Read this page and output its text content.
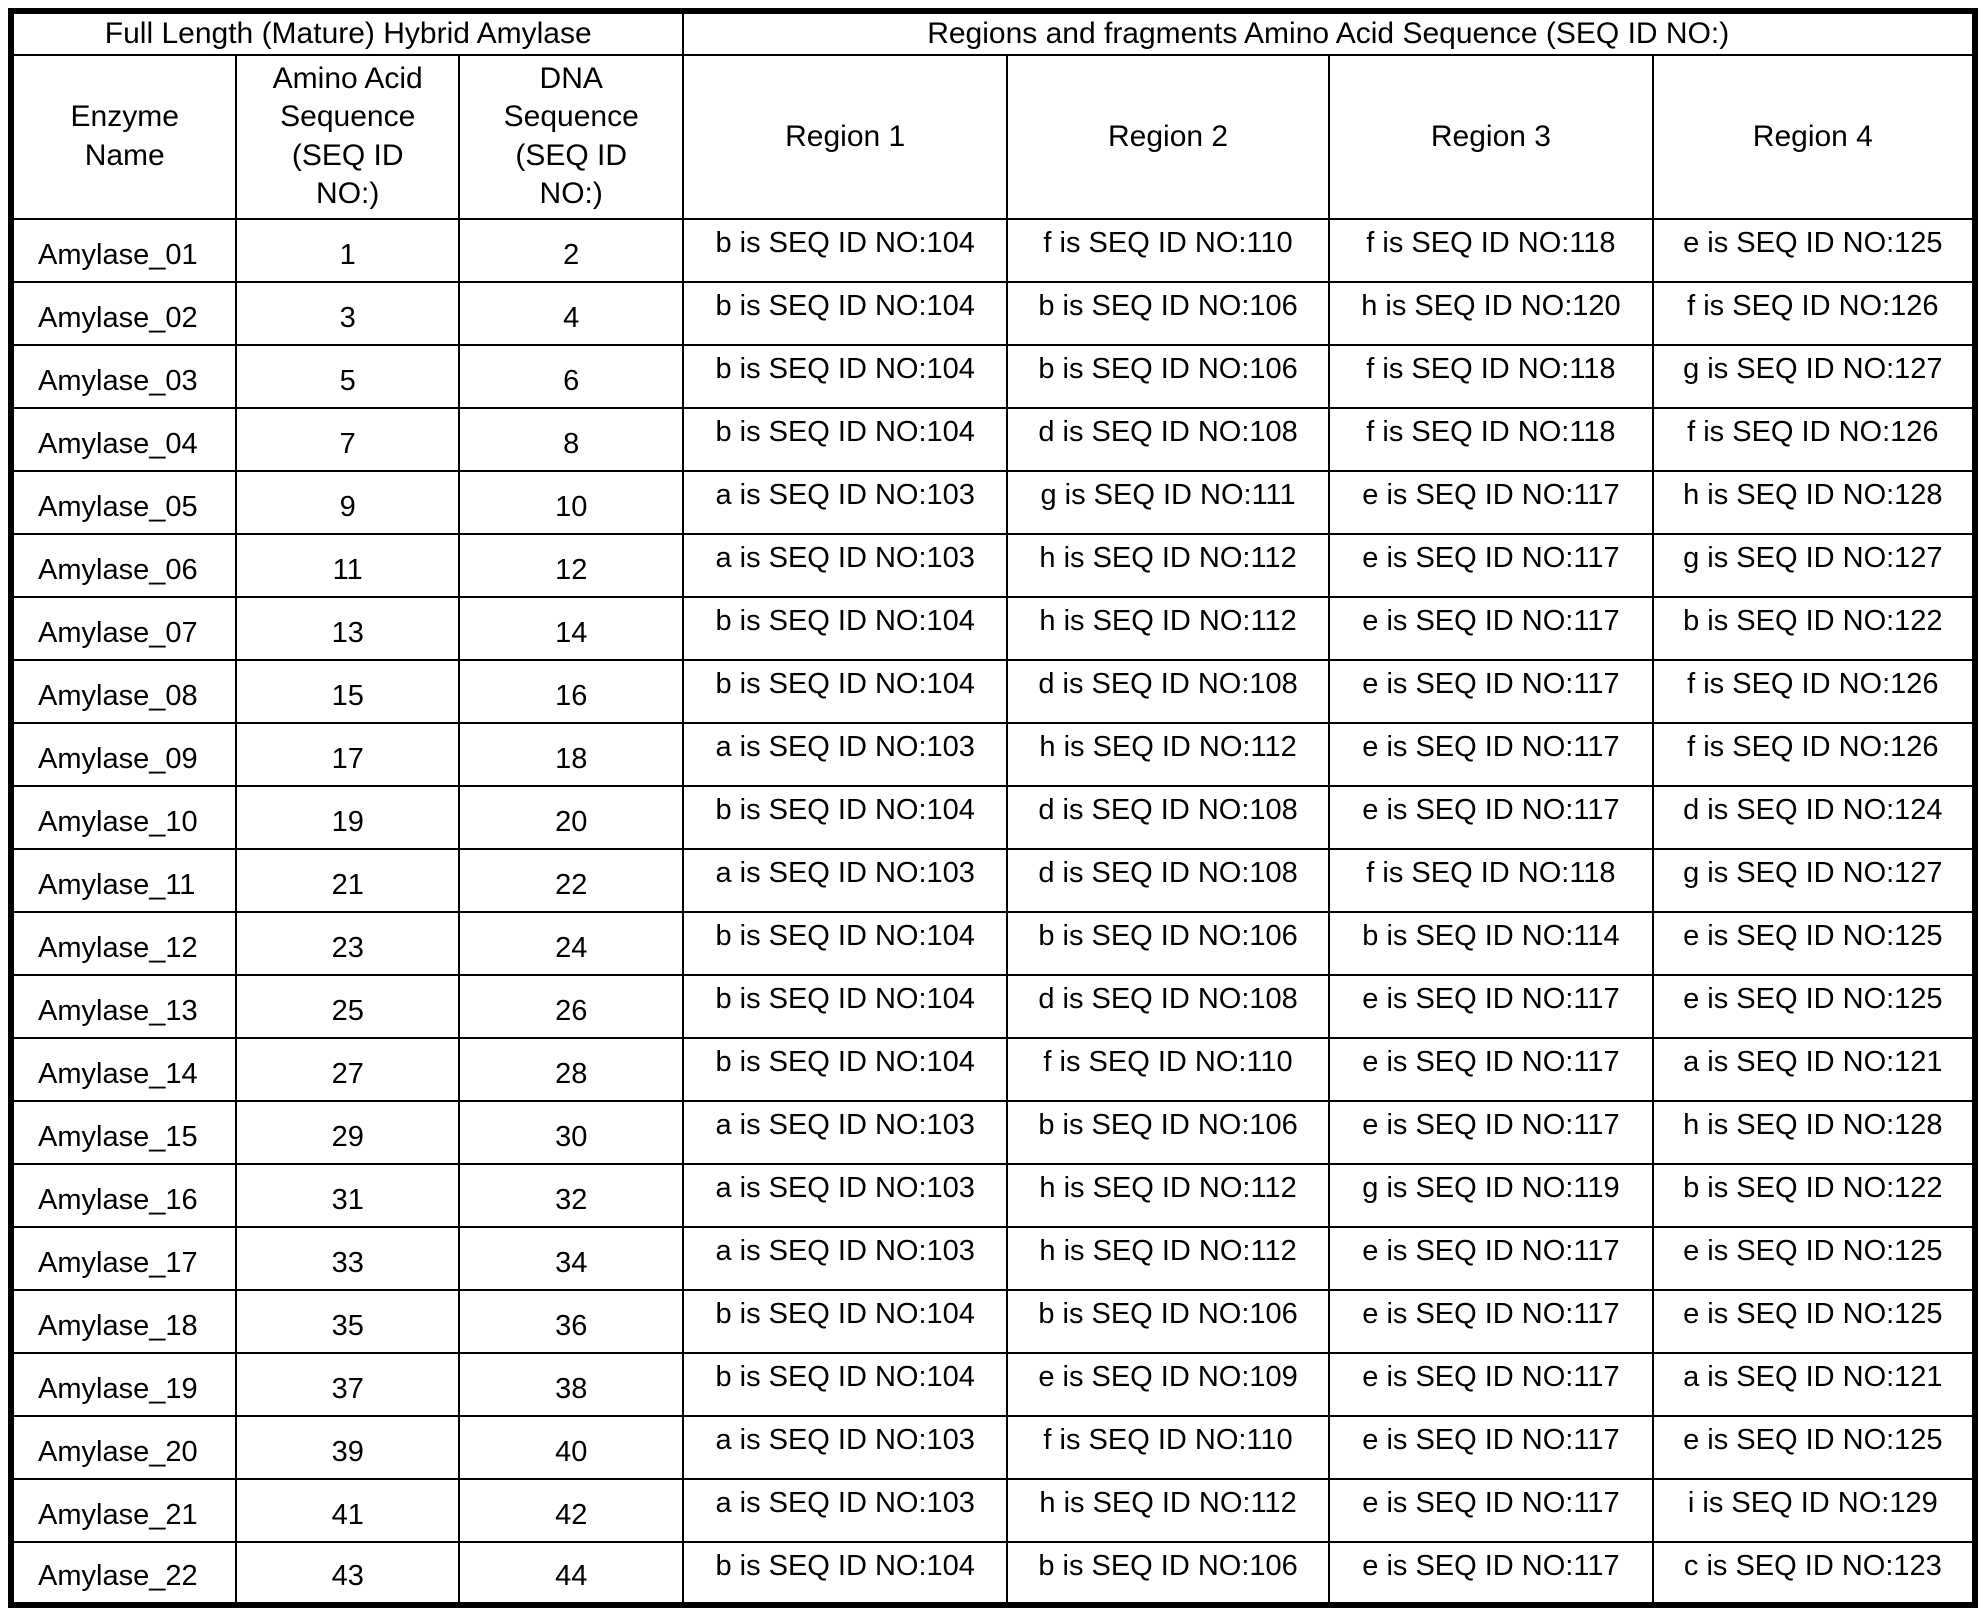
Full Length (Mature) Hybrid Amylase			Regions and fragments Amino Acid Sequence (SEQ ID NO:)			
Enzyme
Name	Amino Acid
Sequence
(SEQ ID
NO:)	DNA
Sequence
(SEQ ID
NO:)	Region 1	Region 2	Region 3	Region 4
Amylase_01	1	2	b is SEQ ID NO:104	f is SEQ ID NO:110	f is SEQ ID NO:118	e is SEQ ID NO:125
Amylase_02	3	4	b is SEQ ID NO:104	b is SEQ ID NO:106	h is SEQ ID NO:120	f is SEQ ID NO:126
Amylase_03	5	6	b is SEQ ID NO:104	b is SEQ ID NO:106	f is SEQ ID NO:118	g is SEQ ID NO:127
Amylase_04	7	8	b is SEQ ID NO:104	d is SEQ ID NO:108	f is SEQ ID NO:118	f is SEQ ID NO:126
Amylase_05	9	10	a is SEQ ID NO:103	g is SEQ ID NO:111	e is SEQ ID NO:117	h is SEQ ID NO:128
Amylase_06	11	12	a is SEQ ID NO:103	h is SEQ ID NO:112	e is SEQ ID NO:117	g is SEQ ID NO:127
Amylase_07	13	14	b is SEQ ID NO:104	h is SEQ ID NO:112	e is SEQ ID NO:117	b is SEQ ID NO:122
Amylase_08	15	16	b is SEQ ID NO:104	d is SEQ ID NO:108	e is SEQ ID NO:117	f is SEQ ID NO:126
Amylase_09	17	18	a is SEQ ID NO:103	h is SEQ ID NO:112	e is SEQ ID NO:117	f is SEQ ID NO:126
Amylase_10	19	20	b is SEQ ID NO:104	d is SEQ ID NO:108	e is SEQ ID NO:117	d is SEQ ID NO:124
Amylase_11	21	22	a is SEQ ID NO:103	d is SEQ ID NO:108	f is SEQ ID NO:118	g is SEQ ID NO:127
Amylase_12	23	24	b is SEQ ID NO:104	b is SEQ ID NO:106	b is SEQ ID NO:114	e is SEQ ID NO:125
Amylase_13	25	26	b is SEQ ID NO:104	d is SEQ ID NO:108	e is SEQ ID NO:117	e is SEQ ID NO:125
Amylase_14	27	28	b is SEQ ID NO:104	f is SEQ ID NO:110	e is SEQ ID NO:117	a is SEQ ID NO:121
Amylase_15	29	30	a is SEQ ID NO:103	b is SEQ ID NO:106	e is SEQ ID NO:117	h is SEQ ID NO:128
Amylase_16	31	32	a is SEQ ID NO:103	h is SEQ ID NO:112	g is SEQ ID NO:119	b is SEQ ID NO:122
Amylase_17	33	34	a is SEQ ID NO:103	h is SEQ ID NO:112	e is SEQ ID NO:117	e is SEQ ID NO:125
Amylase_18	35	36	b is SEQ ID NO:104	b is SEQ ID NO:106	e is SEQ ID NO:117	e is SEQ ID NO:125
Amylase_19	37	38	b is SEQ ID NO:104	e is SEQ ID NO:109	e is SEQ ID NO:117	a is SEQ ID NO:121
Amylase_20	39	40	a is SEQ ID NO:103	f is SEQ ID NO:110	e is SEQ ID NO:117	e is SEQ ID NO:125
Amylase_21	41	42	a is SEQ ID NO:103	h is SEQ ID NO:112	e is SEQ ID NO:117	i is SEQ ID NO:129
Amylase_22	43	44	b is SEQ ID NO:104	b is SEQ ID NO:106	e is SEQ ID NO:117	c is SEQ ID NO:123
